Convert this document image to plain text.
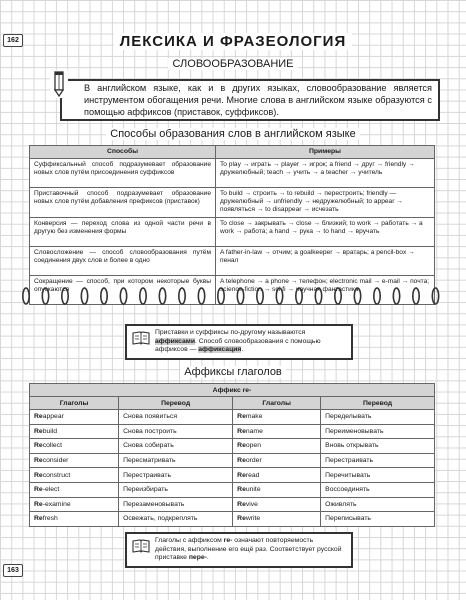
162
163
ЛЕКСИКА И ФРАЗЕОЛОГИЯ
СЛОВООБРАЗОВАНИЕ
В английском языке, как и в других языках, словообразование является инструментом обогащения речи. Многие слова в английском языке образуются с помощью аффиксов (приставок, суффиксов).
Способы образования слов в английском языке
Способы	Примеры
Суффиксальный способ подразумевает образование новых слов путём присоединения суффиксов	To play → играть → player → игрок; a friend → друг → friendly → дружелюбный; teach → учить → a teacher → учитель
Приставочный способ подразумевает образование новых слов путём добавления префиксов (приставок)	To build → строить → to rebuild → перестроить; friendly — дружелюбный → unfriendly → недружелюбный; to appear → появляться → to disappear → исчезать
Конверсия — переход слова из одной части речи в другую без изменения формы	To close → закрывать → close → близкий; to work → работать → a work → работа; a hand → рука → to hand → вручать
Словосложение — способ словообразования путём соединения двух слов и более в одно	A father-in-law → отчим; a goalkeeper → вратарь; a pencil-box → пенал
Сокращение — способ, при котором некоторые буквы опускаются	A telephone → a phone → телефон; electronic mail → e-mail → почта; science-fiction → sci-fi → научная фантастика
Приставки и суффиксы по-другому называются аффиксами. Способ словообразования с помощью аффиксов — аффиксация.
Аффиксы глаголов
Аффикс re-			
Глаголы	Перевод	Глаголы	Перевод
Reappear	Снова появиться	Remake	Переделывать
Rebuild	Снова построить	Rename	Переименовывать
Recollect	Снова собирать	Reopen	Вновь открывать
Reconsider	Пересматривать	Reorder	Перестраивать
Reconstruct	Перестраивать	Reread	Перечитывать
Re-elect	Переизбирать	Reunite	Воссоединять
Re-examine	Перезаменовывать	Revive	Оживлять
Refresh	Освежать, подкреплять	Rewrite	Переписывать
Глаголы с аффиксом re- означают повторяемость действия, выполнение его ещё раз. Соответствует русской приставке пере-.
